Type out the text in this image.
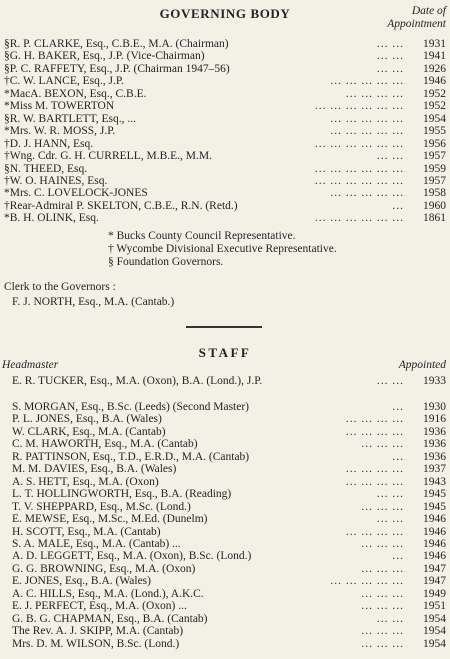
GOVERNING BODY	Date of Appointment
§R. P. CLARKE, Esq., C.B.E., M.A. (Chairman)	... ...	1931
§G. H. BAKER, Esq., J.P. (Vice-Chairman)	... ...	1941
§P. C. RAFFETY, Esq., J.P. (Chairman 1947–56)	... ...	1926
†C. W. LANCE, Esq., J.P.	... ... ... ... ...	1946
*MacA. BEXON, Esq., C.B.E.	... ... ... ...	1952
*Miss M. TOWERTON	... ... ... ... ... ...	1952
§R. W. BARTLETT, Esq., ...	... ... ... ... ...	1954
*Mrs. W. R. MOSS, J.P.	... ... ... ... ...	1955
†D. J. HANN, Esq.	... ... ... ... ... ...	1956
†Wng. Cdr. G. H. CURRELL, M.B.E., M.M.	... ...	1957
§N. THEED, Esq.	... ... ... ... ... ...	1959
†W. O. HAINES, Esq.	... ... ... ... ... ...	1957
*Mrs. C. LOVELOCK-JONES	... ... ... ... ...	1958
†Rear-Admiral P. SKELTON, C.B.E., R.N. (Retd.)	...	1960
*B. H. OLINK, Esq.	... ... ... ... ... ...	1861
* Bucks County Council Representative.
† Wycombe Divisional Executive Representative.
§ Foundation Governors.
Clerk to the Governors :
F. J. NORTH, Esq., M.A. (Cantab.)
STAFF
Headmaster	Appointed
E. R. TUCKER, Esq., M.A. (Oxon), B.A. (Lond.), J.P.	... ...	1933
S. MORGAN, Esq., B.Sc. (Leeds) (Second Master)	...	1930
P. L. JONES, Esq., B.A. (Wales)	... ... ... ...	1916
W. CLARK, Esq., M.A. (Cantab)	... ... ... ...	1936
C. M. HAWORTH, Esq., M.A. (Cantab)	... ... ...	1936
R. PATTINSON, Esq., T.D., E.R.D., M.A. (Cantab)	...	1936
M. M. DAVIES, Esq., B.A. (Wales)	... ... ... ...	1937
A. S. HETT, Esq., M.A. (Oxon)	... ... ... ...	1943
L. T. HOLLINGWORTH, Esq., B.A. (Reading)	... ...	1945
T. V. SHEPPARD, Esq., M.Sc. (Lond.)	... ... ...	1945
E. MEWSE, Esq., M.Sc., M.Ed. (Dunelm)	... ...	1946
H. SCOTT, Esq., M.A. (Cantab)	... ... ... ...	1946
S. A. MALE, Esq., M.A. (Cantab) ...	... ... ...	1946
A. D. LEGGETT, Esq., M.A. (Oxon), B.Sc. (Lond.)	...	1946
G. G. BROWNING, Esq., M.A. (Oxon)	... ... ...	1947
E. JONES, Esq., B.A. (Wales)	... ... ... ... ...	1947
A. C. HILLS, Esq., M.A. (Lond.), A.K.C.	... ... ...	1949
E. J. PERFECT, Esq., M.A. (Oxon) ...	... ... ...	1951
G. B. G. CHAPMAN, Esq., B.A. (Cantab)	... ...	1954
The Rev. A. J. SKIPP, M.A. (Cantab)	... ... ...	1954
Mrs. D. M. WILSON, B.Sc. (Lond.)	... ... ...	1954
